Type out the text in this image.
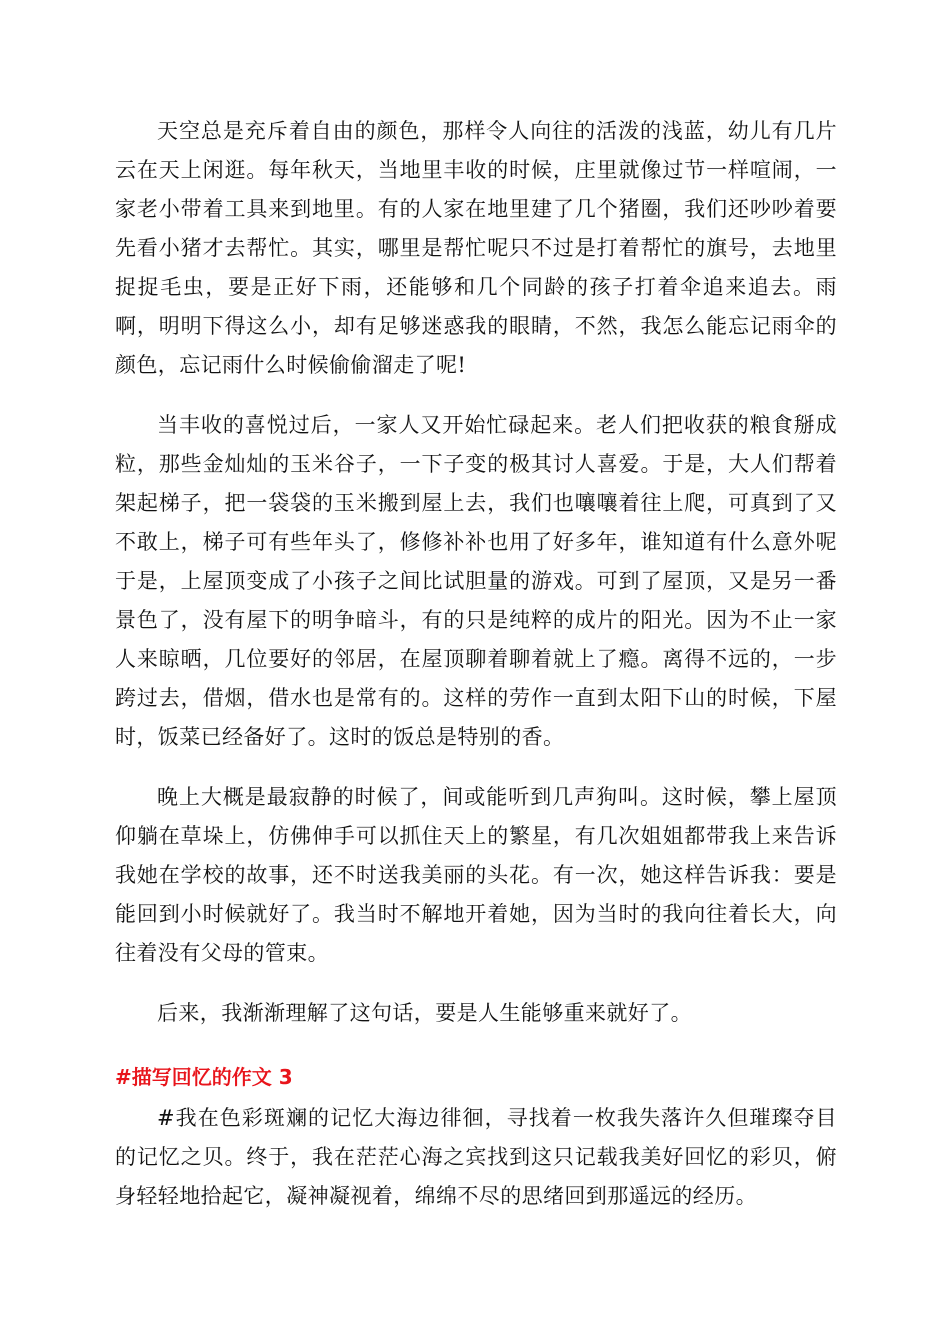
天空总是充斥着自由的颜色，那样令人向往的活泼的浅蓝，幼儿有几片云在天上闲逛。每年秋天，当地里丰收的时候，庄里就像过节一样喧闹，一家老小带着工具来到地里。有的人家在地里建了几个猪圈，我们还吵吵着要先看小猪才去帮忙。其实，哪里是帮忙呢只不过是打着帮忙的旗号，去地里捉捉毛虫，要是正好下雨，还能够和几个同龄的孩子打着伞追来追去。雨啊，明明下得这么小，却有足够迷惑我的眼睛，不然，我怎么能忘记雨伞的颜色，忘记雨什么时候偷偷溜走了呢!

当丰收的喜悦过后，一家人又开始忙碌起来。老人们把收获的粮食掰成粒，那些金灿灿的玉米谷子，一下子变的极其讨人喜爱。于是，大人们帮着架起梯子，把一袋袋的玉米搬到屋上去，我们也嚷嚷着往上爬，可真到了又不敢上，梯子可有些年头了，修修补补也用了好多年，谁知道有什么意外呢于是，上屋顶变成了小孩子之间比试胆量的游戏。可到了屋顶，又是另一番景色了，没有屋下的明争暗斗，有的只是纯粹的成片的阳光。因为不止一家人来晾晒，几位要好的邻居，在屋顶聊着聊着就上了瘾。离得不远的，一步跨过去，借烟，借水也是常有的。这样的劳作一直到太阳下山的时候，下屋时，饭菜已经备好了。这时的饭总是特别的香。

晚上大概是最寂静的时候了，间或能听到几声狗叫。这时候，攀上屋顶仰躺在草垛上，仿佛伸手可以抓住天上的繁星，有几次姐姐都带我上来告诉我她在学校的故事，还不时送我美丽的头花。有一次，她这样告诉我：要是能回到小时候就好了。我当时不解地开着她，因为当时的我向往着长大，向往着没有父母的管束。

后来，我渐渐理解了这句话，要是人生能够重来就好了。

#描写回忆的作文 3

#我在色彩斑斓的记忆大海边徘徊，寻找着一枚我失落许久但璀璨夺目的记忆之贝。终于，我在茫茫心海之宾找到这只记载我美好回忆的彩贝，俯身轻轻地拾起它，凝神凝视着，绵绵不尽的思绪回到那遥远的经历。
